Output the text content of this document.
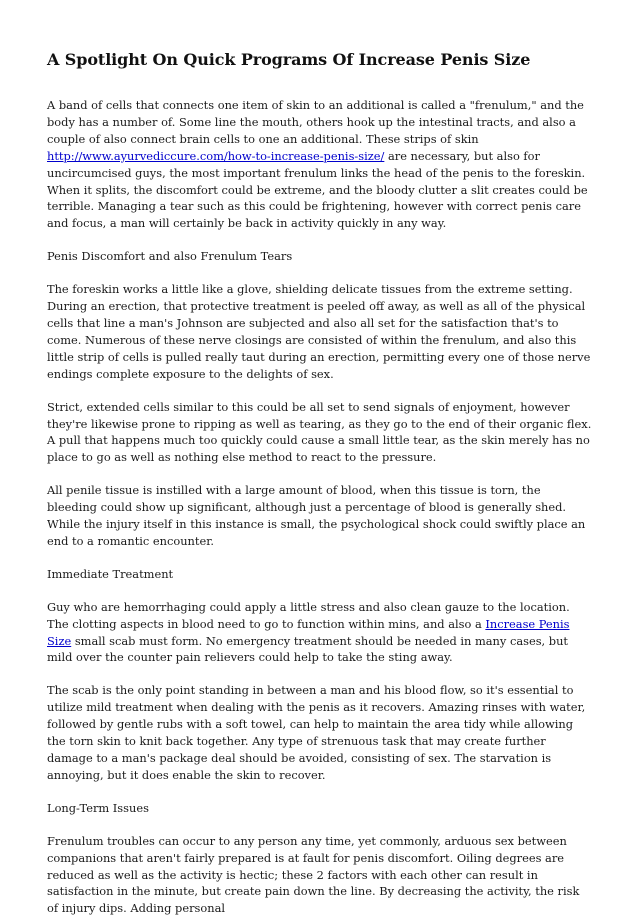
A Spotlight On Quick Programs Of Increase Penis Size

A band of cells that connects one item of skin to an additional is called a "frenulum," and the body has a number of. Some line the mouth, others hook up the intestinal tracts, and also a couple of also connect brain cells to one an additional. These strips of skin http://www.ayurvediccure.com/how-to-increase-penis-size/ are necessary, but also for uncircumcised guys, the most important frenulum links the head of the penis to the foreskin. When it splits, the discomfort could be extreme, and the bloody clutter a slit creates could be terrible. Managing a tear such as this could be frightening, however with correct penis care and focus, a man will certainly be back in activity quickly in any way.

Penis Discomfort and also Frenulum Tears

The foreskin works a little like a glove, shielding delicate tissues from the extreme setting. During an erection, that protective treatment is peeled off away, as well as all of the physical cells that line a man's Johnson are subjected and also all set for the satisfaction that's to come. Numerous of these nerve closings are consisted of within the frenulum, and also this little strip of cells is pulled really taut during an erection, permitting every one of those nerve endings complete exposure to the delights of sex.

Strict, extended cells similar to this could be all set to send signals of enjoyment, however they're likewise prone to ripping as well as tearing, as they go to the end of their organic flex. A pull that happens much too quickly could cause a small little tear, as the skin merely has no place to go as well as nothing else method to react to the pressure.

All penile tissue is instilled with a large amount of blood, when this tissue is torn, the bleeding could show up significant, although just a percentage of blood is generally shed. While the injury itself in this instance is small, the psychological shock could swiftly place an end to a romantic encounter.

Immediate Treatment

Guy who are hemorrhaging could apply a little stress and also clean gauze to the location. The clotting aspects in blood need to go to function within mins, and also a Increase Penis Size small scab must form. No emergency treatment should be needed in many cases, but mild over the counter pain relievers could help to take the sting away.

The scab is the only point standing in between a man and his blood flow, so it's essential to utilize mild treatment when dealing with the penis as it recovers. Amazing rinses with water, followed by gentle rubs with a soft towel, can help to maintain the area tidy while allowing the torn skin to knit back together. Any type of strenuous task that may create further damage to a man's package deal should be avoided, consisting of sex. The starvation is annoying, but it does enable the skin to recover.

Long-Term Issues

Frenulum troubles can occur to any person any time, yet commonly, arduous sex between companions that aren't fairly prepared is at fault for penis discomfort. Oiling degrees are reduced as well as the activity is hectic; these 2 factors with each other can result in satisfaction in the minute, but create pain down the line. By decreasing the activity, the risk of injury dips. Adding personal
